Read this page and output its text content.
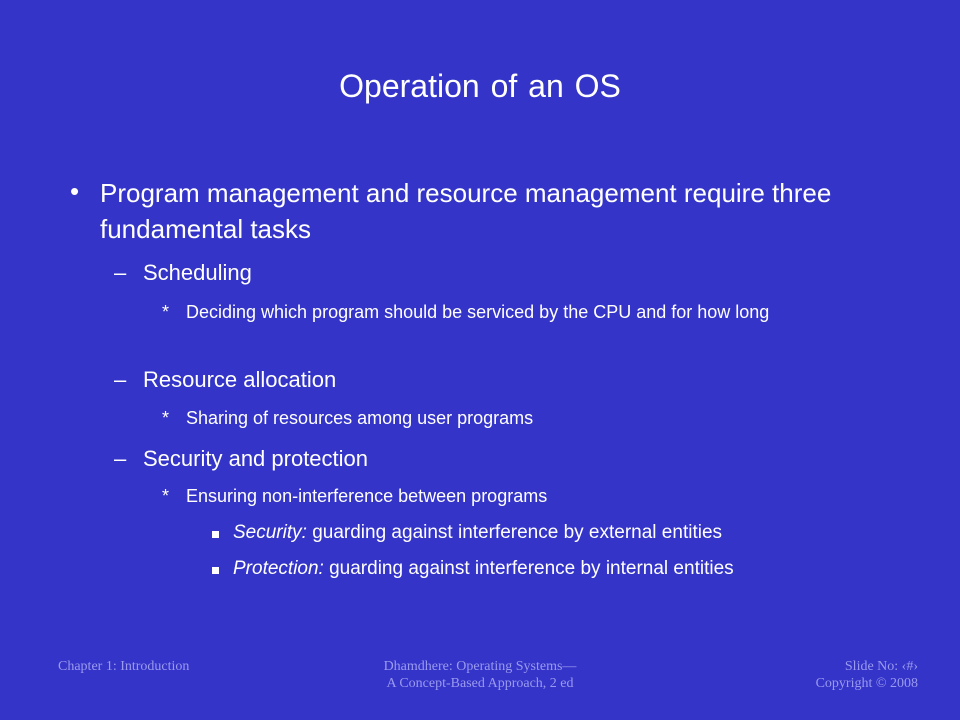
Operation of an OS
• Program management and resource management require three fundamental tasks
– Scheduling
* Deciding which program should be serviced by the CPU and for how long
– Resource allocation
* Sharing of resources among user programs
– Security and protection
* Ensuring non-interference between programs
Security: guarding against interference by external entities
Protection: guarding against interference by internal entities
Chapter 1: Introduction	Dhamdhere: Operating Systems—
A Concept-Based Approach, 2 ed
Slide No: ‹#›
Copyright © 2008
